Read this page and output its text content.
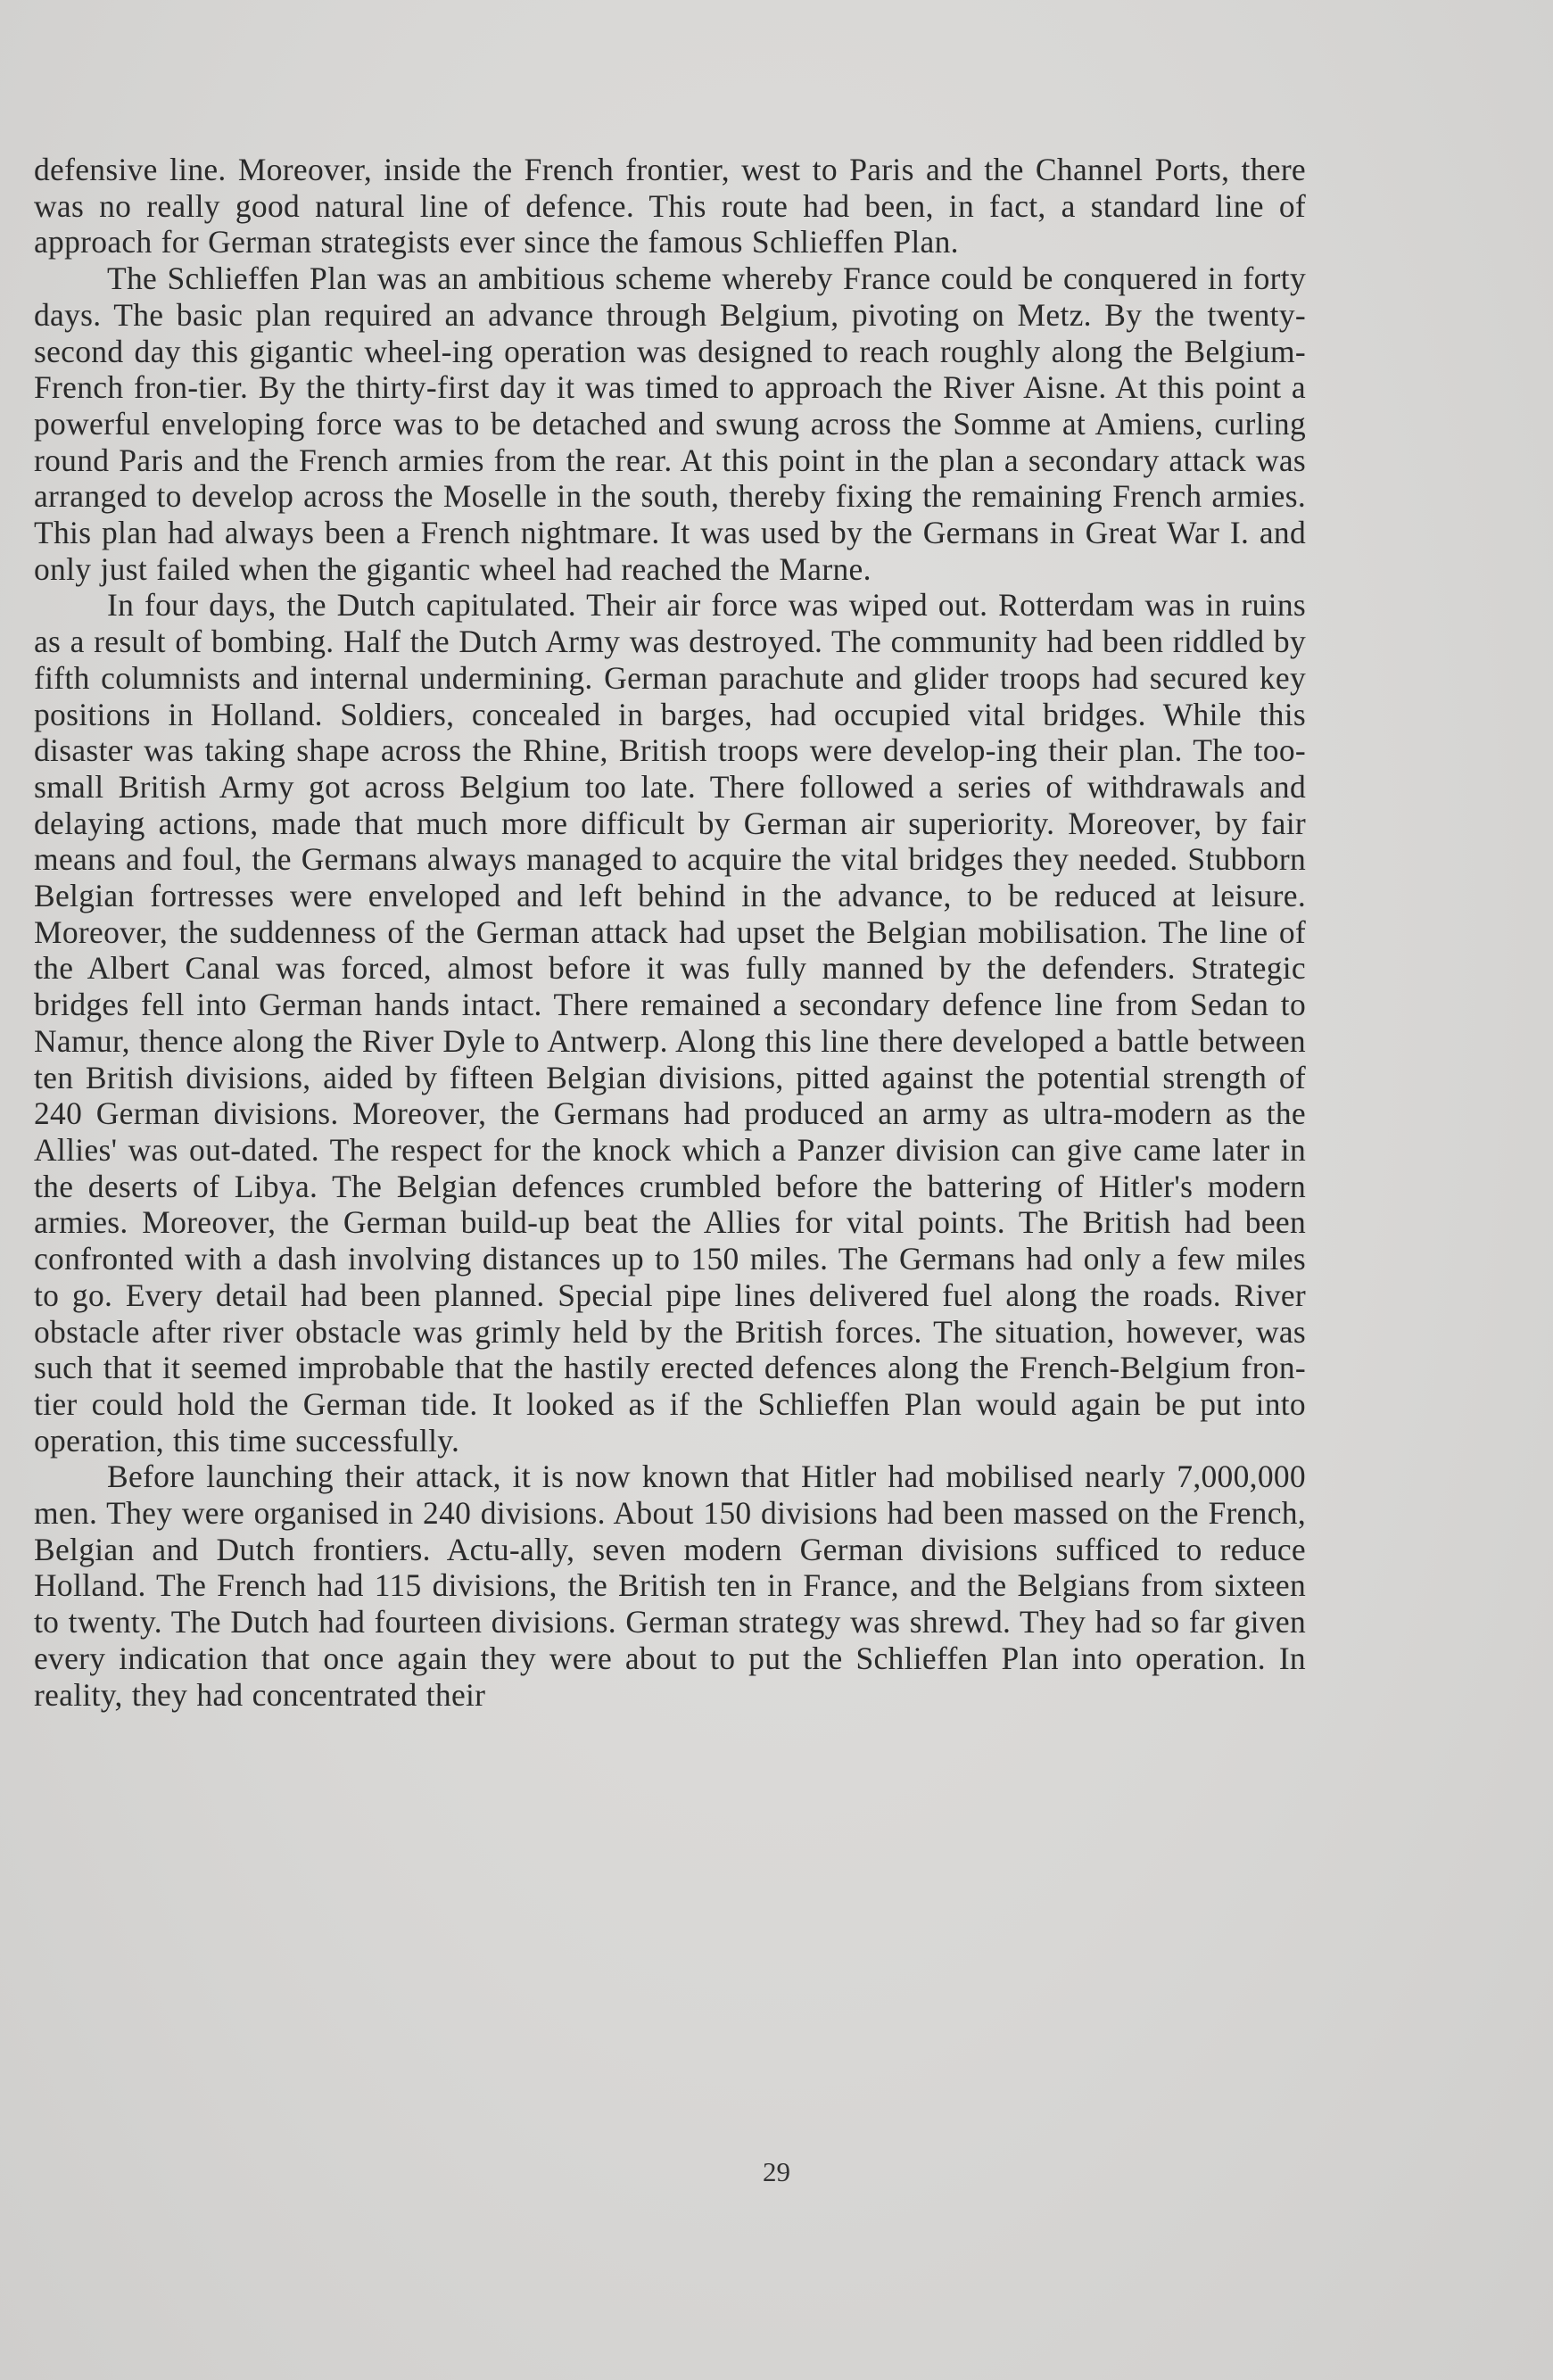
defensive line. Moreover, inside the French frontier, west to Paris and the Channel Ports, there was no really good natural line of defence. This route had been, in fact, a standard line of approach for German strategists ever since the famous Schlieffen Plan.

The Schlieffen Plan was an ambitious scheme whereby France could be conquered in forty days. The basic plan required an advance through Belgium, pivoting on Metz. By the twenty-second day this gigantic wheel-ing operation was designed to reach roughly along the Belgium-French fron-tier. By the thirty-first day it was timed to approach the River Aisne. At this point a powerful enveloping force was to be detached and swung across the Somme at Amiens, curling round Paris and the French armies from the rear. At this point in the plan a secondary attack was arranged to develop across the Moselle in the south, thereby fixing the remaining French armies. This plan had always been a French nightmare. It was used by the Germans in Great War I. and only just failed when the gigantic wheel had reached the Marne.

In four days, the Dutch capitulated. Their air force was wiped out. Rotterdam was in ruins as a result of bombing. Half the Dutch Army was destroyed. The community had been riddled by fifth columnists and internal undermining. German parachute and glider troops had secured key positions in Holland. Soldiers, concealed in barges, had occupied vital bridges. While this disaster was taking shape across the Rhine, British troops were develop-ing their plan. The too-small British Army got across Belgium too late. There followed a series of withdrawals and delaying actions, made that much more difficult by German air superiority. Moreover, by fair means and foul, the Germans always managed to acquire the vital bridges they needed. Stubborn Belgian fortresses were enveloped and left behind in the advance, to be reduced at leisure. Moreover, the suddenness of the German attack had upset the Belgian mobilisation. The line of the Albert Canal was forced, almost before it was fully manned by the defenders. Strategic bridges fell into German hands intact. There remained a secondary defence line from Sedan to Namur, thence along the River Dyle to Antwerp. Along this line there developed a battle between ten British divisions, aided by fifteen Belgian divisions, pitted against the potential strength of 240 German divisions. Moreover, the Germans had produced an army as ultra-modern as the Allies' was out-dated. The respect for the knock which a Panzer division can give came later in the deserts of Libya. The Belgian defences crumbled before the battering of Hitler's modern armies. Moreover, the German build-up beat the Allies for vital points. The British had been confronted with a dash involving distances up to 150 miles. The Germans had only a few miles to go. Every detail had been planned. Special pipe lines delivered fuel along the roads. River obstacle after river obstacle was grimly held by the British forces. The situation, however, was such that it seemed improbable that the hastily erected defences along the French-Belgium fron-tier could hold the German tide. It looked as if the Schlieffen Plan would again be put into operation, this time successfully.

Before launching their attack, it is now known that Hitler had mobilised nearly 7,000,000 men. They were organised in 240 divisions. About 150 divisions had been massed on the French, Belgian and Dutch frontiers. Actu-ally, seven modern German divisions sufficed to reduce Holland. The French had 115 divisions, the British ten in France, and the Belgians from sixteen to twenty. The Dutch had fourteen divisions. German strategy was shrewd. They had so far given every indication that once again they were about to put the Schlieffen Plan into operation. In reality, they had concentrated their

29
